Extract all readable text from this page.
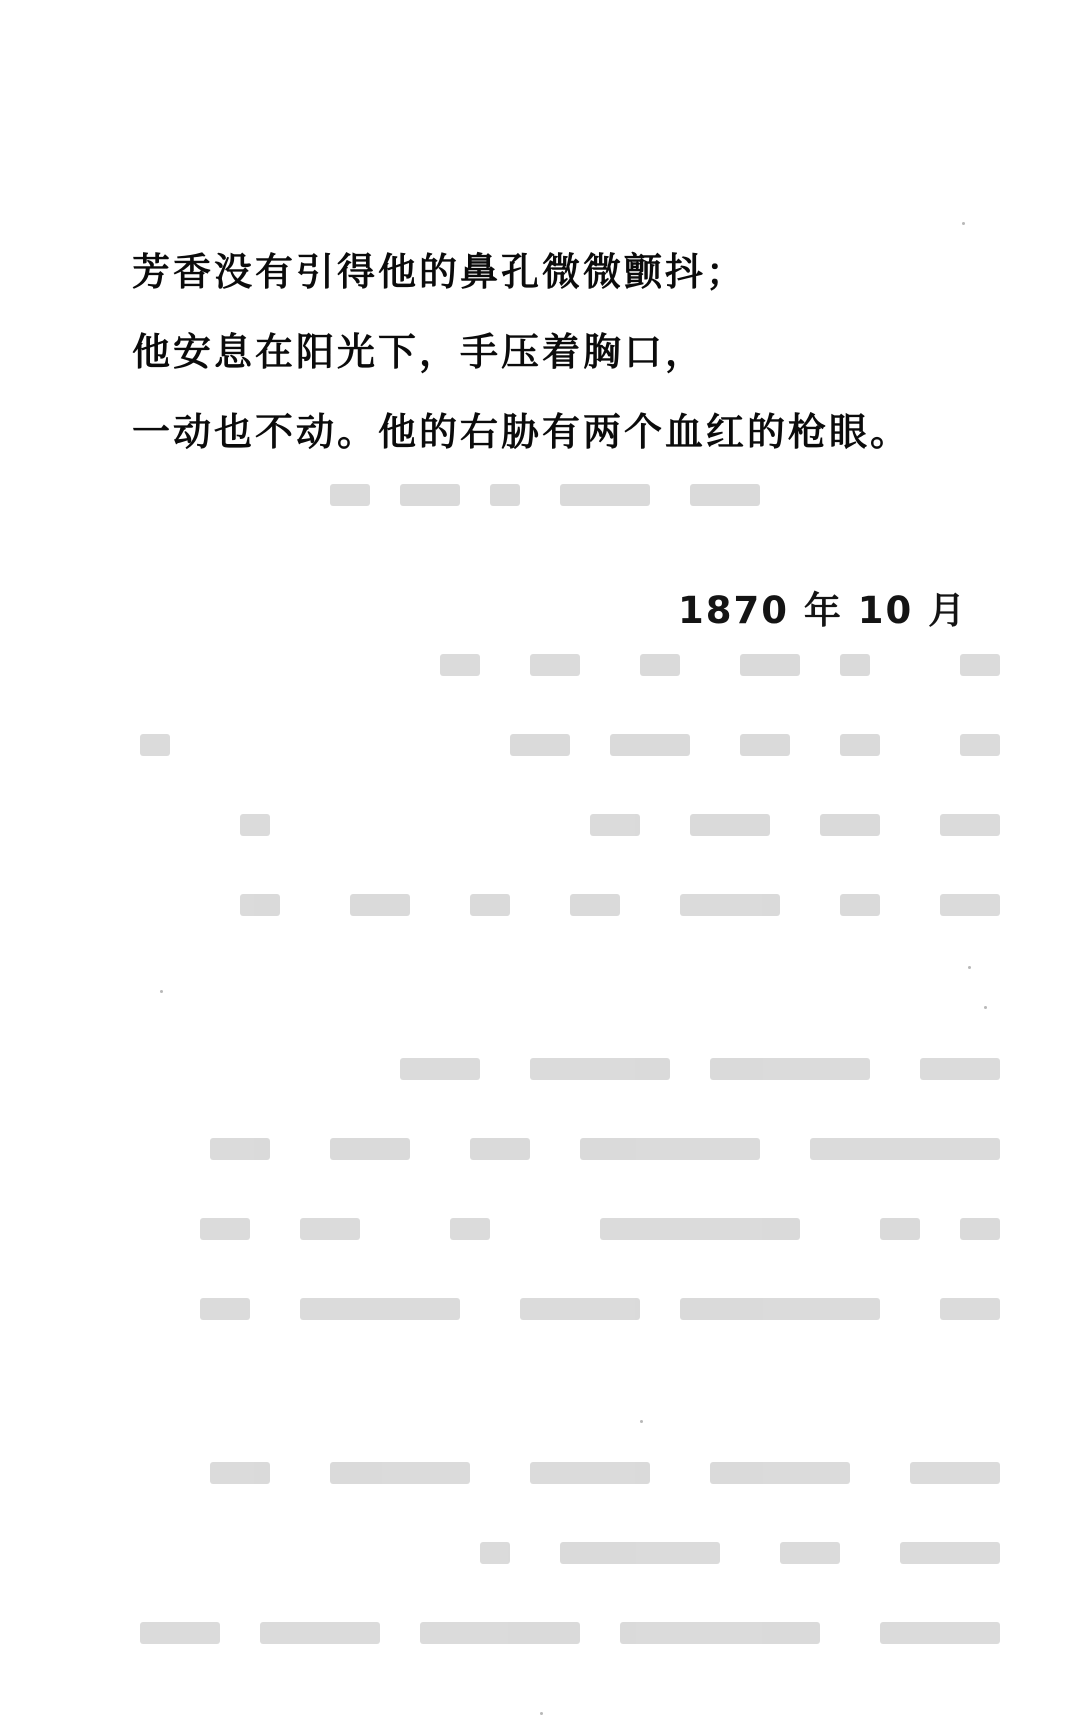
芳香没有引得他的鼻孔微微颤抖；

他安息在阳光下，手压着胸口，

一动也不动。他的右胁有两个血红的枪眼。

1870 年 10 月
